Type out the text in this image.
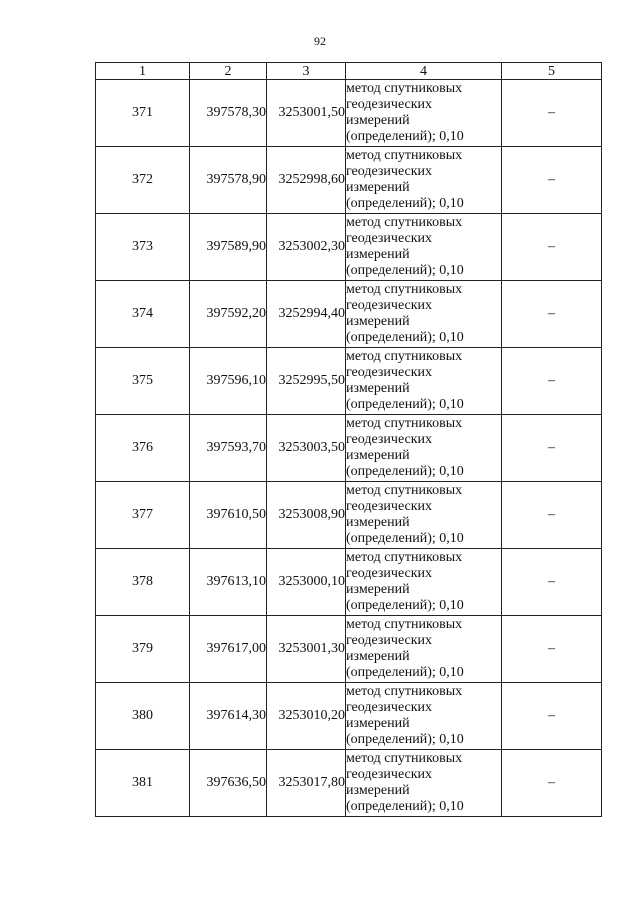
92
1	2	3	4	5
371	397578,30	3253001,50	метод спутниковых
геодезических
измерений
(определений); 0,10	–
372	397578,90	3252998,60	метод спутниковых
геодезических
измерений
(определений); 0,10	–
373	397589,90	3253002,30	метод спутниковых
геодезических
измерений
(определений); 0,10	–
374	397592,20	3252994,40	метод спутниковых
геодезических
измерений
(определений); 0,10	–
375	397596,10	3252995,50	метод спутниковых
геодезических
измерений
(определений); 0,10	–
376	397593,70	3253003,50	метод спутниковых
геодезических
измерений
(определений); 0,10	–
377	397610,50	3253008,90	метод спутниковых
геодезических
измерений
(определений); 0,10	–
378	397613,10	3253000,10	метод спутниковых
геодезических
измерений
(определений); 0,10	–
379	397617,00	3253001,30	метод спутниковых
геодезических
измерений
(определений); 0,10	–
380	397614,30	3253010,20	метод спутниковых
геодезических
измерений
(определений); 0,10	–
381	397636,50	3253017,80	метод спутниковых
геодезических
измерений
(определений); 0,10	–
